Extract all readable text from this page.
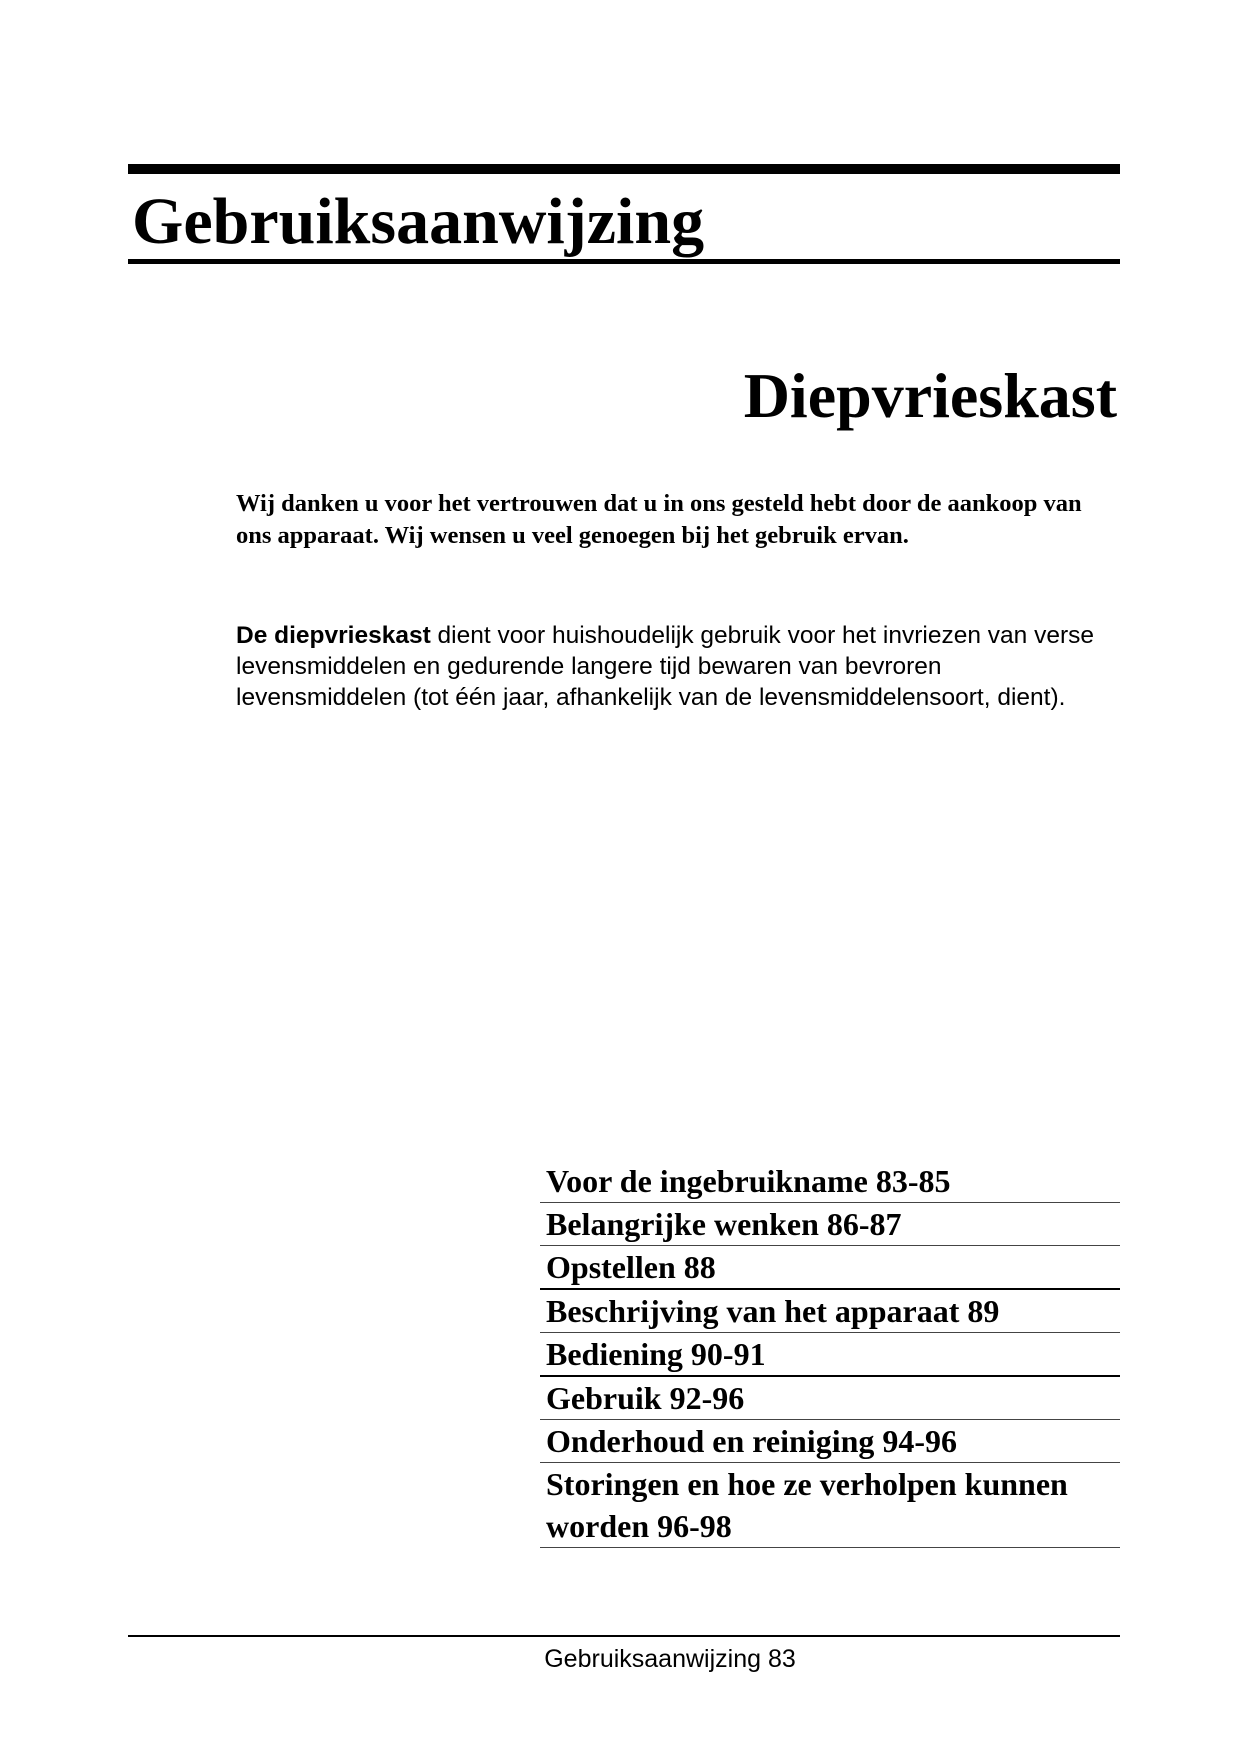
Gebruiksaanwijzing
Diepvrieskast

Wij danken u voor het vertrouwen dat u in ons gesteld hebt door de aankoop van ons apparaat. Wij wensen u veel genoegen bij het gebruik ervan.

De diepvrieskast dient voor huishoudelijk gebruik voor het invriezen van verse levensmiddelen en gedurende langere tijd bewaren van bevroren levensmiddelen (tot één jaar, afhankelijk van de levensmiddelensoort, dient).

Voor de ingebruikname 83-85
Belangrijke wenken 86-87
Opstellen 88
Beschrijving van het apparaat 89
Bediening 90-91
Gebruik 92-96
Onderhoud en reiniging 94-96
Storingen en hoe ze verholpen kunnen worden 96-98
Gebruiksaanwijzing 83
